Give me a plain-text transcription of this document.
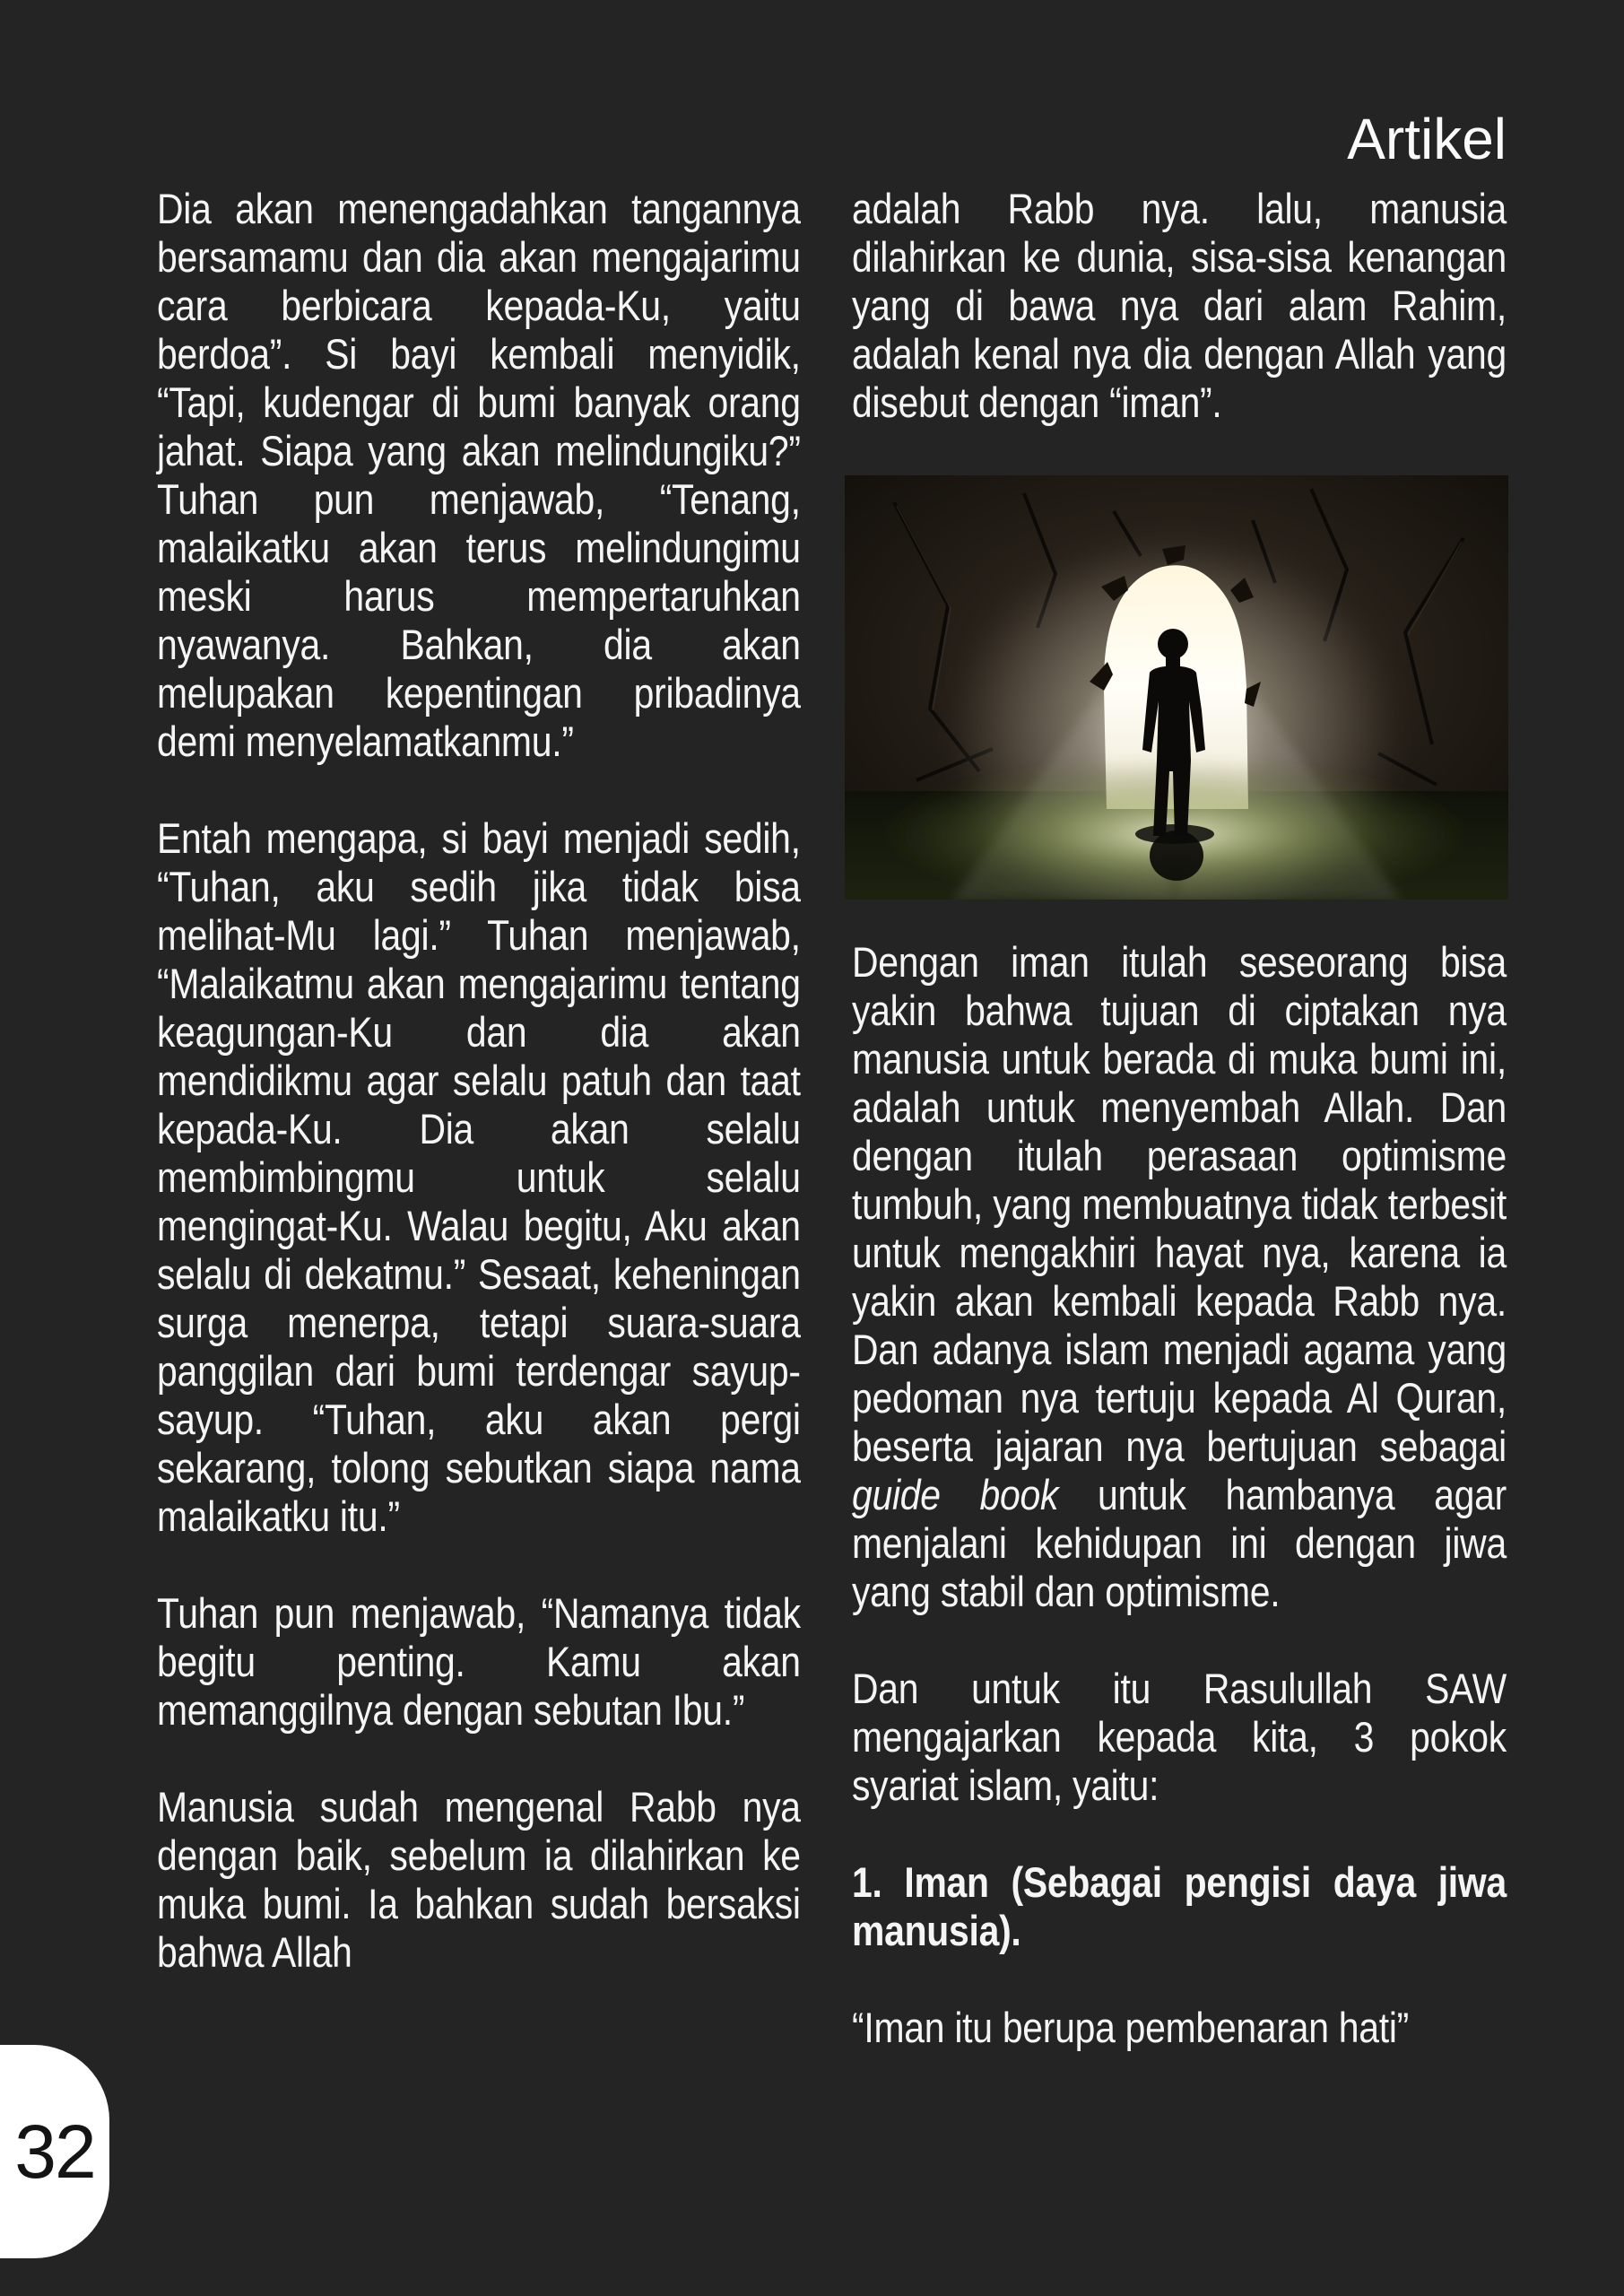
Artikel

Dia akan menengadahkan tangannya bersamamu dan dia akan mengajarimu cara berbicara kepada-Ku, yaitu berdoa”. Si bayi kembali menyidik, “Tapi, kudengar di bumi banyak orang jahat. Siapa yang akan melindungiku?” Tuhan pun menjawab, “Tenang, malaikatku akan terus melindungimu meski harus mempertaruhkan nyawanya. Bahkan, dia akan melupakan kepentingan pribadinya demi menyelamatkanmu.”

Entah mengapa, si bayi menjadi sedih, “Tuhan, aku sedih jika tidak bisa melihat-Mu lagi.” Tuhan menjawab, “Malaikatmu akan mengajarimu tentang keagungan-Ku dan dia akan mendidikmu agar selalu patuh dan taat kepada-Ku. Dia akan selalu membimbingmu untuk selalu mengingat-Ku. Walau begitu, Aku akan selalu di dekatmu.” Sesaat, keheningan surga menerpa, tetapi suara-suara panggilan dari bumi terdengar sayup-sayup. “Tuhan, aku akan pergi sekarang, tolong sebutkan siapa nama malaikatku itu.”

Tuhan pun menjawab, “Namanya tidak begitu penting. Kamu akan memanggilnya dengan sebutan Ibu.”

Manusia sudah mengenal Rabb nya dengan baik, sebelum ia dilahirkan ke muka bumi. Ia bahkan sudah bersaksi bahwa Allah

adalah Rabb nya. lalu, manusia dilahirkan ke dunia, sisa-sisa kenangan yang di bawa nya dari alam Rahim, adalah kenal nya dia dengan Allah yang disebut dengan “iman”.

Dengan iman itulah seseorang bisa yakin bahwa tujuan di ciptakan nya manusia untuk berada di muka bumi ini, adalah untuk menyembah Allah. Dan dengan itulah perasaan optimisme tumbuh, yang membuatnya tidak terbesit untuk mengakhiri hayat nya, karena ia yakin akan kembali kepada Rabb nya. Dan adanya islam menjadi agama yang pedoman nya tertuju kepada Al Quran, beserta jajaran nya bertujuan sebagai guide book untuk hambanya agar menjalani kehidupan ini dengan jiwa yang stabil dan optimisme.

Dan untuk itu Rasulullah SAW mengajarkan kepada kita, 3 pokok syariat islam, yaitu:

1. Iman (Sebagai pengisi daya jiwa manusia).

“Iman itu berupa pembenaran hati”

32
